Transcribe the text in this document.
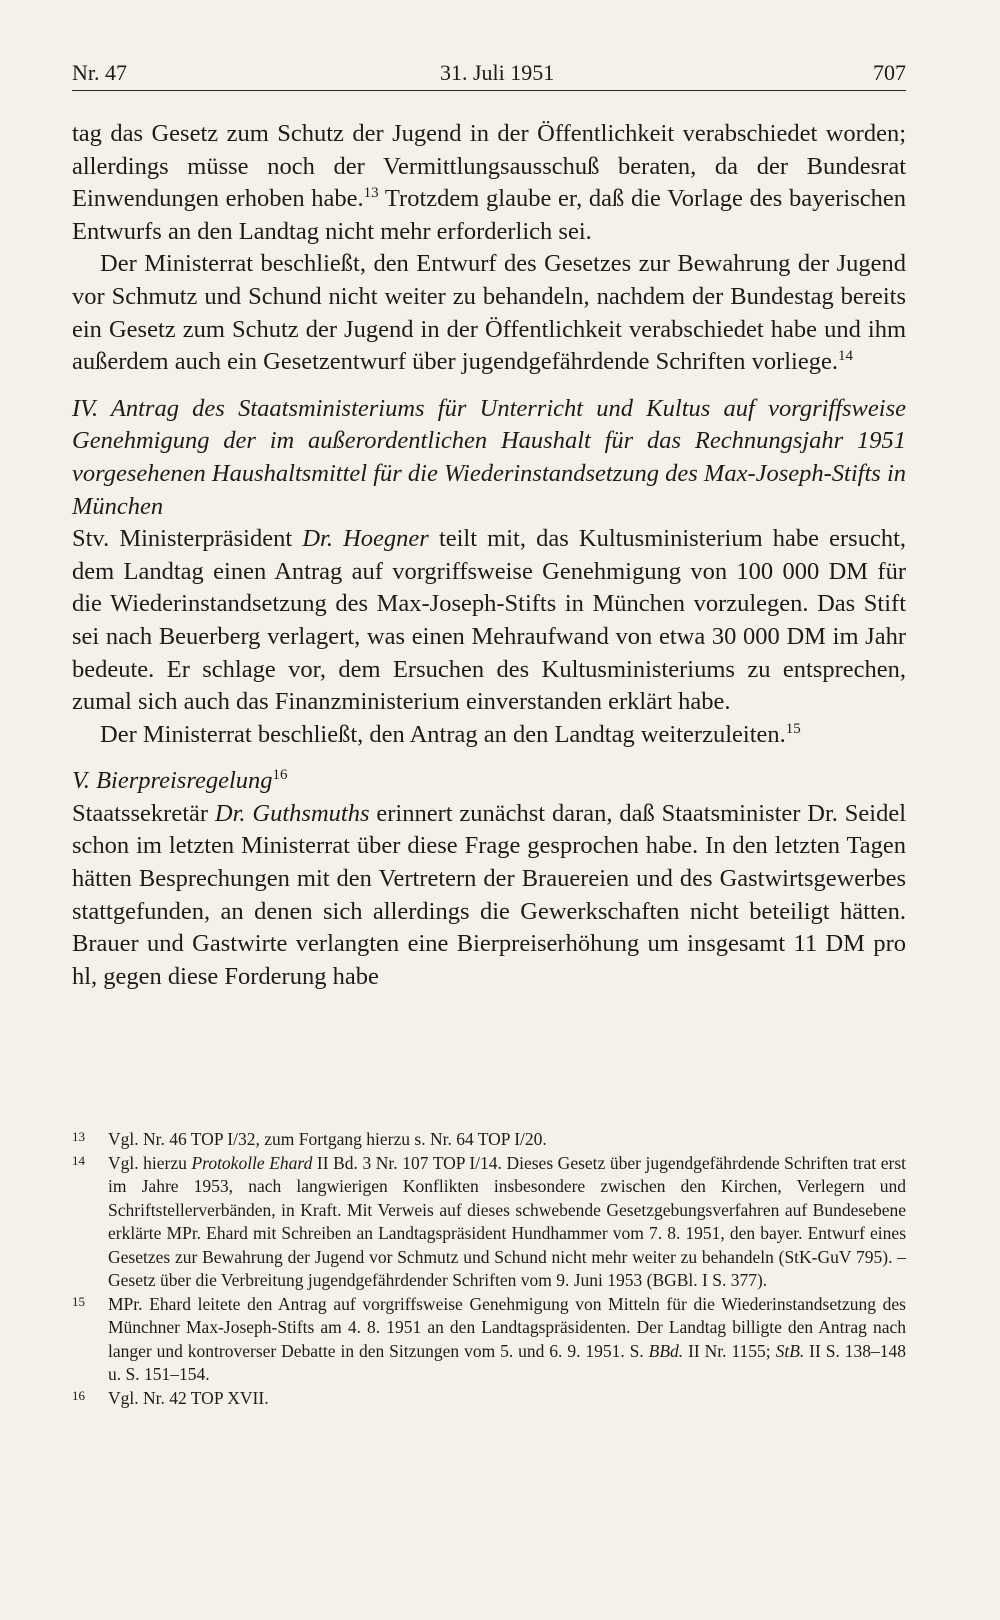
Nr. 47	31. Juli 1951	707

tag das Gesetz zum Schutz der Jugend in der Öffentlichkeit verabschiedet worden; allerdings müsse noch der Vermittlungsausschuß beraten, da der Bundesrat Einwendungen erhoben habe.$^{13}$ Trotzdem glaube er, daß die Vorlage des bayerischen Entwurfs an den Landtag nicht mehr erforderlich sei.

Der Ministerrat beschließt, den Entwurf des Gesetzes zur Bewahrung der Jugend vor Schmutz und Schund nicht weiter zu behandeln, nachdem der Bundestag bereits ein Gesetz zum Schutz der Jugend in der Öffentlichkeit verabschiedet habe und ihm außerdem auch ein Gesetzentwurf über jugendgefährdende Schriften vorliege.$^{14}$

IV. Antrag des Staatsministeriums für Unterricht und Kultus auf vorgriffsweise Genehmigung der im außerordentlichen Haushalt für das Rechnungsjahr 1951 vorgesehenen Haushaltsmittel für die Wiederinstandsetzung des Max-Joseph-Stifts in München

Stv. Ministerpräsident Dr. Hoegner teilt mit, das Kultusministerium habe ersucht, dem Landtag einen Antrag auf vorgriffsweise Genehmigung von 100 000 DM für die Wiederinstandsetzung des Max-Joseph-Stifts in München vorzulegen. Das Stift sei nach Beuerberg verlagert, was einen Mehraufwand von etwa 30 000 DM im Jahr bedeute. Er schlage vor, dem Ersuchen des Kultusministeriums zu entsprechen, zumal sich auch das Finanzministerium einverstanden erklärt habe.

Der Ministerrat beschließt, den Antrag an den Landtag weiterzuleiten.$^{15}$

V. Bierpreisregelung$^{16}$

Staatssekretär Dr. Guthsmuths erinnert zunächst daran, daß Staatsminister Dr. Seidel schon im letzten Ministerrat über diese Frage gesprochen habe. In den letzten Tagen hätten Besprechungen mit den Vertretern der Brauereien und des Gastwirtsgewerbes stattgefunden, an denen sich allerdings die Gewerkschaften nicht beteiligt hätten. Brauer und Gastwirte verlangten eine Bierpreiserhöhung um insgesamt 11 DM pro hl, gegen diese Forderung habe

13 Vgl. Nr. 46 TOP I/32, zum Fortgang hierzu s. Nr. 64 TOP I/20.
14 Vgl. hierzu Protokolle Ehard II Bd. 3 Nr. 107 TOP I/14. Dieses Gesetz über jugendgefährdende Schriften trat erst im Jahre 1953, nach langwierigen Konflikten insbesondere zwischen den Kirchen, Verlegern und Schriftstellerverbänden, in Kraft. Mit Verweis auf dieses schwebende Gesetzgebungsverfahren auf Bundesebene erklärte MPr. Ehard mit Schreiben an Landtagspräsident Hundhammer vom 7. 8. 1951, den bayer. Entwurf eines Gesetzes zur Bewahrung der Jugend vor Schmutz und Schund nicht mehr weiter zu behandeln (StK-GuV 795). – Gesetz über die Verbreitung jugendgefährdender Schriften vom 9. Juni 1953 (BGBl. I S. 377).
15 MPr. Ehard leitete den Antrag auf vorgriffsweise Genehmigung von Mitteln für die Wiederinstandsetzung des Münchner Max-Joseph-Stifts am 4. 8. 1951 an den Landtagspräsidenten. Der Landtag billigte den Antrag nach langer und kontroverser Debatte in den Sitzungen vom 5. und 6. 9. 1951. S. BBd. II Nr. 1155; StB. II S. 138–148 u. S. 151–154.
16 Vgl. Nr. 42 TOP XVII.
